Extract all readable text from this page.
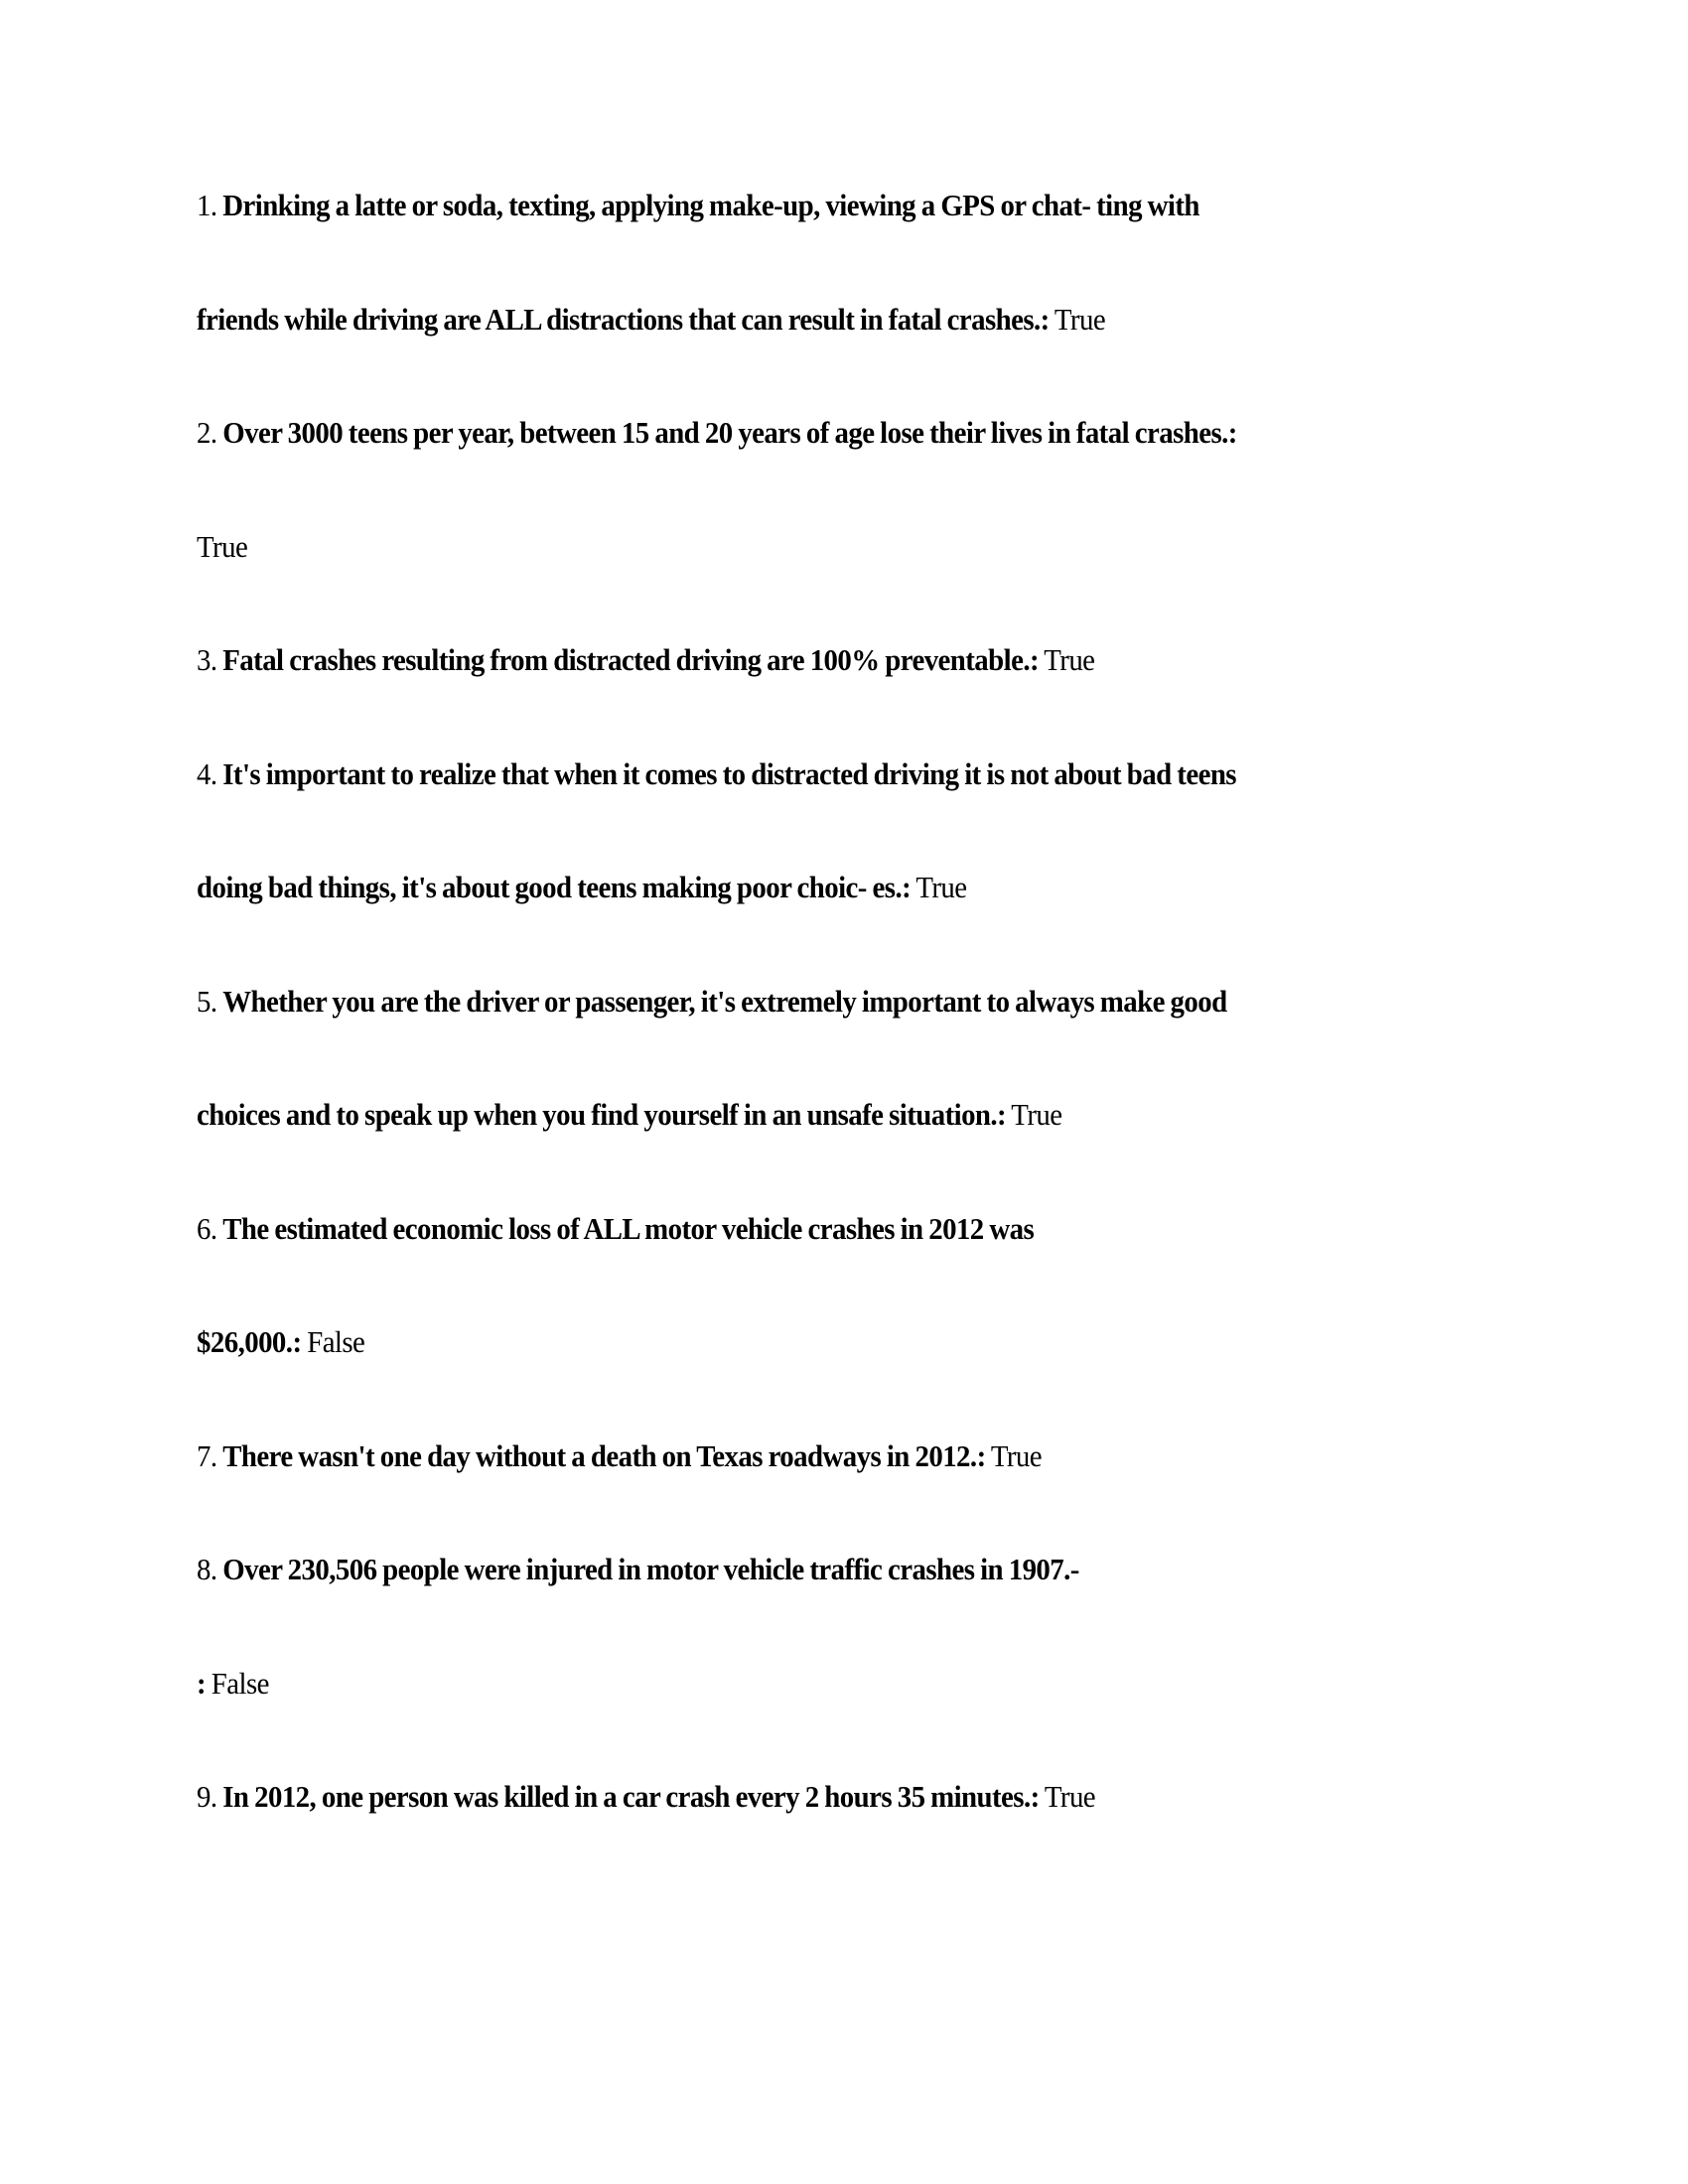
1. Drinking a latte or soda, texting, applying make-up, viewing a GPS or chat- ting with
friends while driving are ALL distractions that can result in fatal crashes.: True
2. Over 3000 teens per year, between 15 and 20 years of age lose their lives in fatal crashes.:
True
3. Fatal crashes resulting from distracted driving are 100% preventable.: True
4. It's important to realize that when it comes to distracted driving it is not about bad teens
doing bad things, it's about good teens making poor choic- es.: True
5. Whether you are the driver or passenger, it's extremely important to always make good
choices and to speak up when you find yourself in an unsafe situation.: True
6. The estimated economic loss of ALL motor vehicle crashes in 2012 was
$26,000.: False
7. There wasn't one day without a death on Texas roadways in 2012.: True
8. Over 230,506 people were injured in motor vehicle traffic crashes in 1907.-
: False
9. In 2012, one person was killed in a car crash every 2 hours 35 minutes.: True
